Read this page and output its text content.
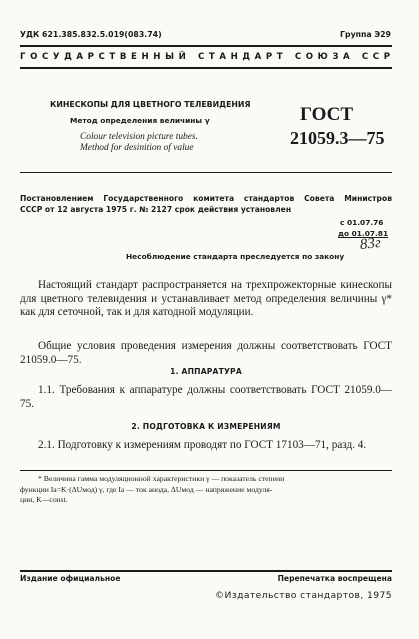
УДК 621.385.832.5.019(083.74)	Группа Э29
ГОСУДАРСТВЕННЫЙ СТАНДАРТ СОЮЗА ССР
КИНЕСКОПЫ ДЛЯ ЦВЕТНОГО ТЕЛЕВИДЕНИЯ
Метод определения величины γ
Colour television picture tubes.
Method for desinition of value
ГОСТ
21059.3—75
Постановлением Государственного комитета стандартов Совета Министров
СССР от 12 августа 1975 г. № 2127 срок действия установлен
с 01.07.76
до 01.07.81
83г
Несоблюдение стандарта преследуется по закону

Настоящий стандарт распространяется на трехпрожекторные кинескопы для цветного телевидения и устанавливает метод определения величины γ* как для сеточной, так и для катодной модуляции.

Общие условия проведения измерения должны соответствовать ГОСТ 21059.0—75.

1. АППАРАТУРА

1.1. Требования к аппаратуре должны соответствовать ГОСТ 21059.0—75.

2. ПОДГОТОВКА К ИЗМЕРЕНИЯМ

2.1. Подготовку к измерениям проводят по ГОСТ 17103—71, разд. 4.

* Величина гамма модуляционной характеристики γ — показатель степени

функции Iа=K·(ΔUмод) γ, где Iа — ток анода, ΔUмод — напряжение модуля-
ции, K—const.
Издание официальное	Перепечатка воспрещена
©Издательство стандартов, 1975
